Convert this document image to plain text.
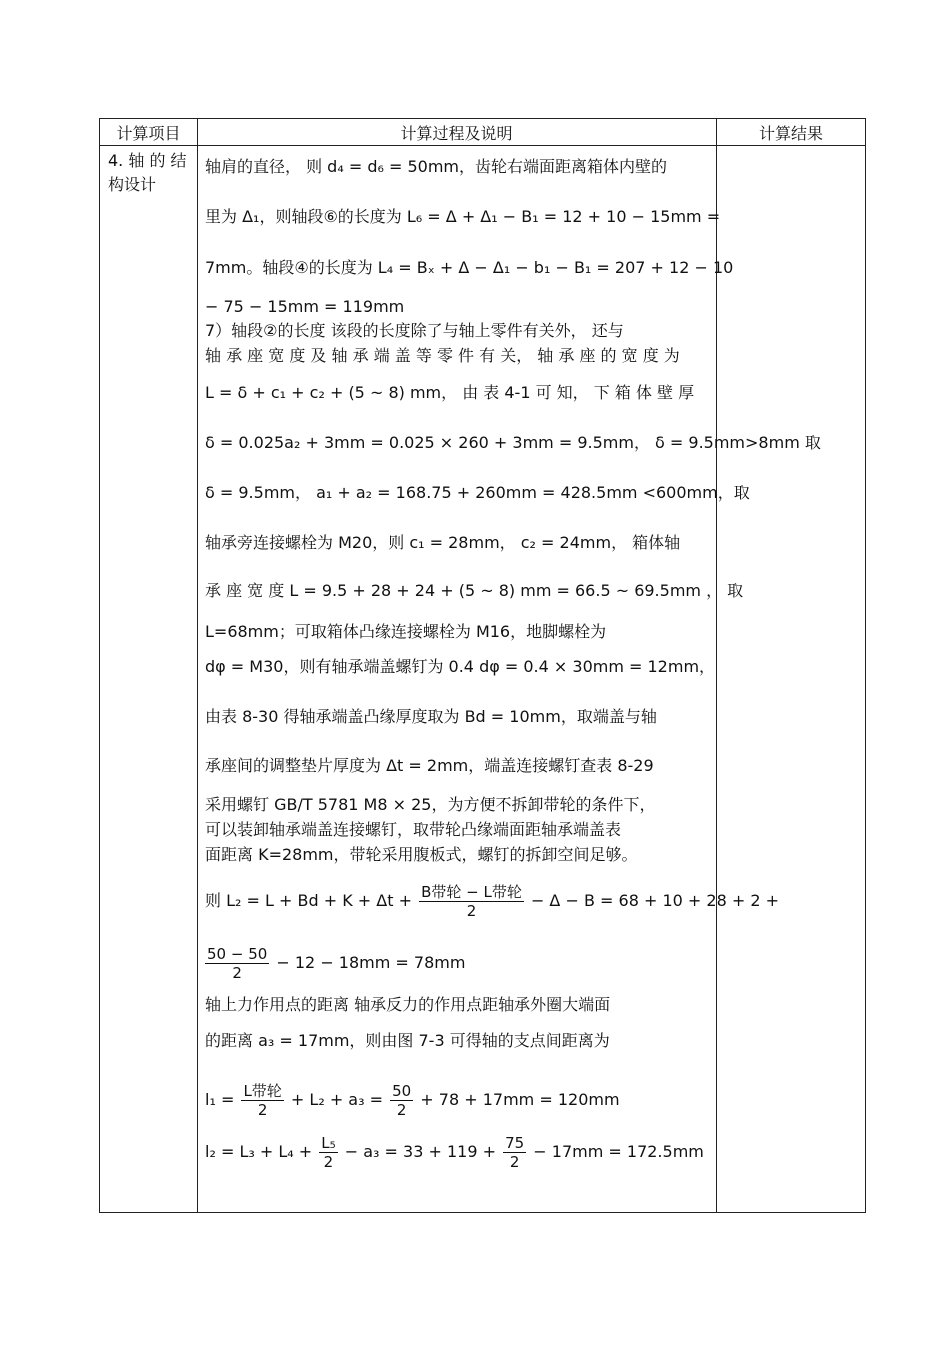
计算项目	计算过程及说明	计算结果
4. 轴 的 结构设计
轴肩的直径， 则 d₄ = d₆ = 50mm，齿轮右端面距离箱体内壁的
里为 Δ₁，则轴段⑥的长度为 L₆ = Δ + Δ₁ − B₁ = 12 + 10 − 15mm =
7mm。轴段④的长度为 L₄ = Bₓ + Δ − Δ₁ − b₁ − B₁ = 207 + 12 − 10
− 75 − 15mm = 119mm
7）轴段②的长度 该段的长度除了与轴上零件有关外， 还与
轴 承 座 宽 度 及 轴 承 端 盖 等 零 件 有 关， 轴 承 座 的 宽 度 为
L = δ + c₁ + c₂ + (5 ~ 8) mm， 由 表 4-1 可 知， 下 箱 体 壁 厚
δ = 0.025a₂ + 3mm = 0.025 × 260 + 3mm = 9.5mm， δ = 9.5mm>8mm 取
δ = 9.5mm， a₁ + a₂ = 168.75 + 260mm = 428.5mm <600mm，取
轴承旁连接螺栓为 M20，则 c₁ = 28mm， c₂ = 24mm， 箱体轴
承 座 宽 度 L = 9.5 + 28 + 24 + (5 ~ 8) mm = 66.5 ~ 69.5mm ， 取
L=68mm；可取箱体凸缘连接螺栓为 M16，地脚螺栓为
dφ = M30，则有轴承端盖螺钉为 0.4 dφ = 0.4 × 30mm = 12mm，
由表 8-30 得轴承端盖凸缘厚度取为 Bd = 10mm，取端盖与轴
承座间的调整垫片厚度为 Δt = 2mm，端盖连接螺钉查表 8-29
采用螺钉 GB/T 5781 M8 × 25，为方便不拆卸带轮的条件下，
可以装卸轴承端盖连接螺钉，取带轮凸缘端面距轴承端盖表
面距离 K=28mm，带轮采用腹板式，螺钉的拆卸空间足够。
则 L₂ = L + Bd + K + Δt + B带轮 − L带轮
2
− Δ − B = 68 + 10 + 28 + 2 +
$\frac{50 - 50}{2} - 12 - 18mm = 78mm$
轴上力作用点的距离 轴承反力的作用点距轴承外圈大端面
的距离 a₃ = 17mm，则由图 7-3 可得轴的支点间距离为
l₁ = L带轮
2
+ $L_2 + a_3 = \frac{50}{2} + 78 + 17mm = 120mm$
$l_2 = L_3 + L_4 + \frac{\text{L₅}}{2} - a_3 = 33 + 119 + \frac{75}{2} - 17mm = 172.5mm$
